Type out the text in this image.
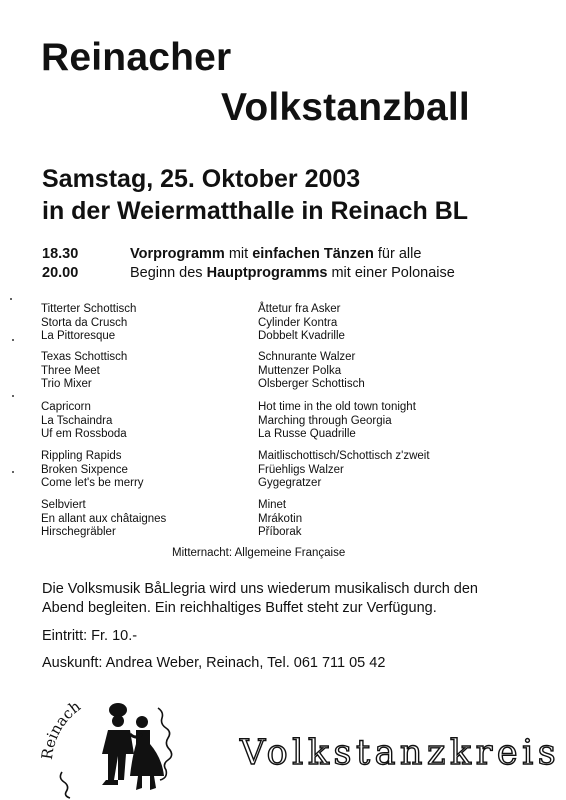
Reinacher
Volkstanzball
Samstag, 25. Oktober 2003
in der Weiermatthalle in Reinach BL
18.30	Vorprogramm mit einfachen Tänzen für alle
20.00	Beginn des Hauptprogramms mit einer Polonaise
Titterter Schottisch
Storta da Crusch
La Pittoresque
Texas Schottisch
Three Meet
Trio Mixer
Capricorn
La Tschaindra
Uf em Rossboda
Rippling Rapids
Broken Sixpence
Come let's be merry
Selbviert
En allant aux châtaignes
Hirschegräbler
Åttetur fra Asker
Cylinder Kontra
Dobbelt Kvadrille
Schnurante Walzer
Muttenzer Polka
Olsberger Schottisch
Hot time in the old town tonight
Marching through Georgia
La Russe Quadrille
Maitlischottisch/Schottisch z'zweit
Früehligs Walzer
Gygegratzer
Minet
Mrákotin
Příborak
Mitternacht: Allgemeine Française
Die Volksmusik BåLlegria wird uns wiederum musikalisch durch den
Abend begleiten. Ein reichhaltiges Buffet steht zur Verfügung.
Eintritt: Fr. 10.-
Auskunft: Andrea Weber, Reinach, Tel. 061 711 05 42
Reinach
Volkstanzkreis
